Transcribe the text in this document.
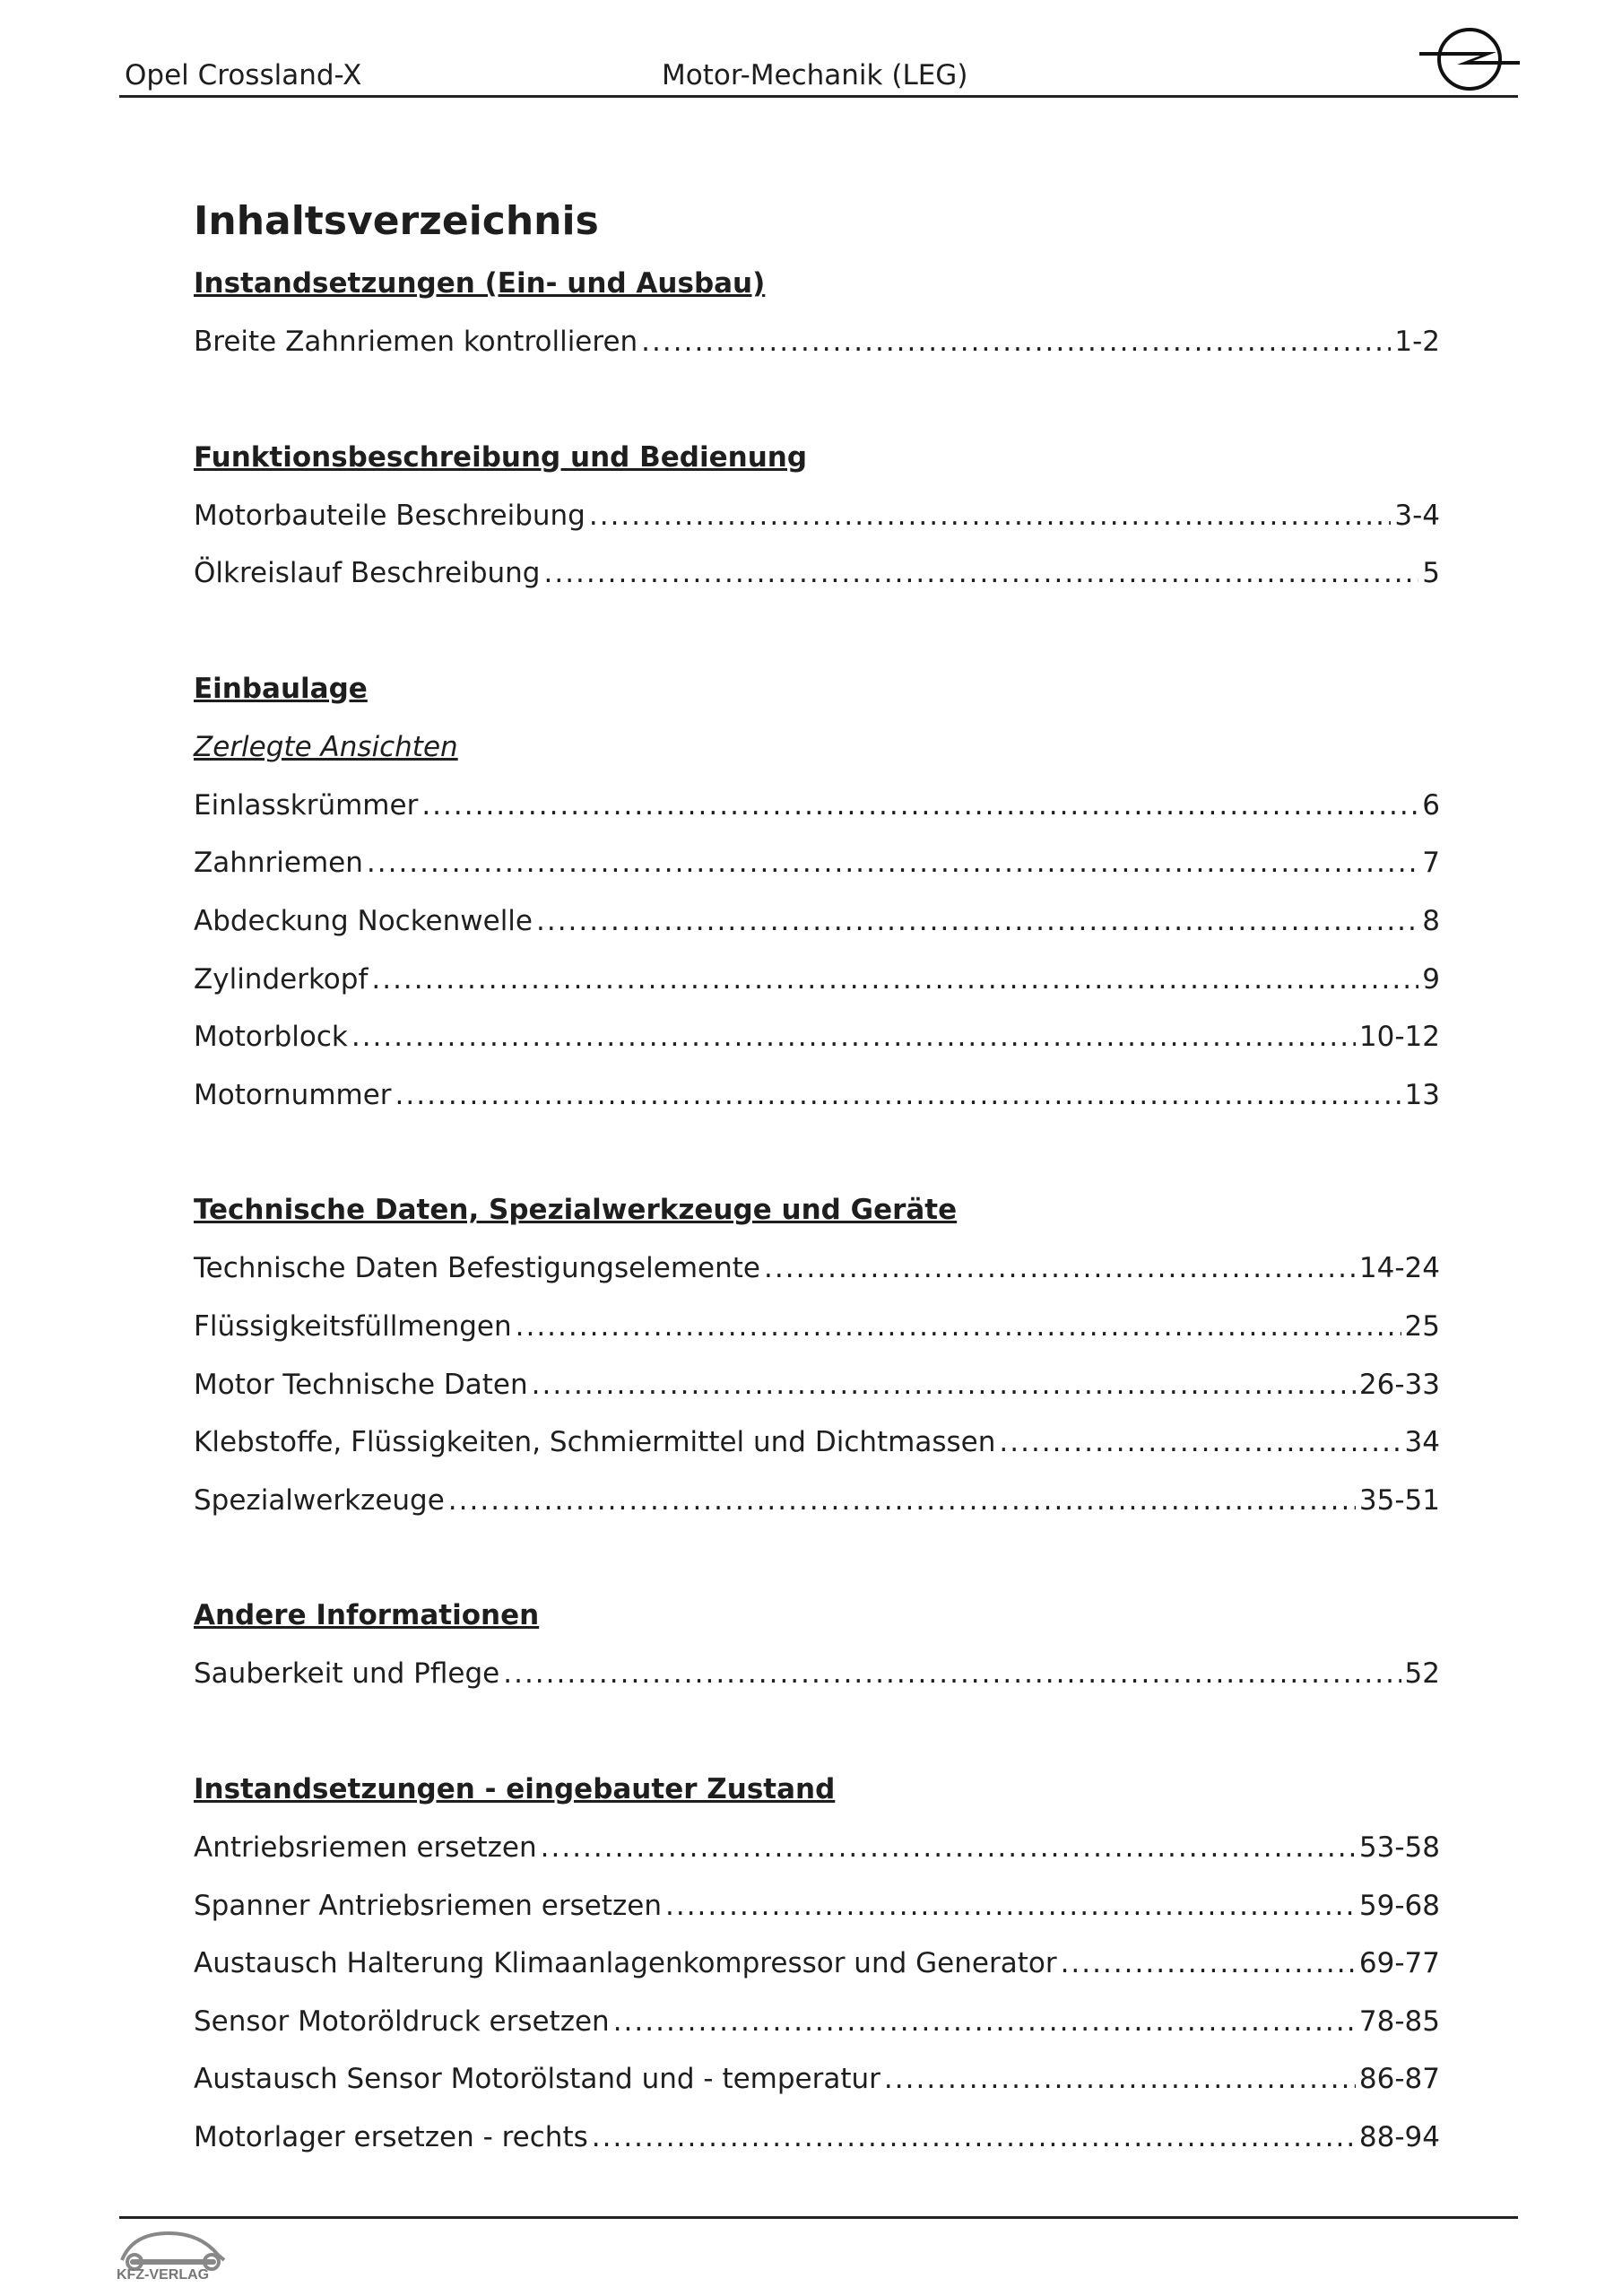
Opel Crossland-X	Motor-Mechanik (LEG)
Inhaltsverzeichnis
Instandsetzungen (Ein- und Ausbau)
Breite Zahnriemen kontrollieren .....	1-2
Funktionsbeschreibung und Bedienung
Motorbauteile Beschreibung .....	3-4
Ölkreislauf Beschreibung .....	5
Einbaulage
Zerlegte Ansichten
Einlasskrümmer .....	6
Zahnriemen .....	7
Abdeckung Nockenwelle .....	8
Zylinderkopf .....	9
Motorblock .....	10-12
Motornummer .....	13
Technische Daten, Spezialwerkzeuge und Geräte
Technische Daten Befestigungselemente .....	14-24
Flüssigkeitsfüllmengen .....	25
Motor Technische Daten .....	26-33
Klebstoffe, Flüssigkeiten, Schmiermittel und Dichtmassen .....	34
Spezialwerkzeuge .....	35-51
Andere Informationen
Sauberkeit und Pflege .....	52
Instandsetzungen - eingebauter Zustand
Antriebsriemen ersetzen .....	53-58
Spanner Antriebsriemen ersetzen .....	59-68
Austausch Halterung Klimaanlagenkompressor und Generator .....	69-77
Sensor Motoröldruck ersetzen .....	78-85
Austausch Sensor Motorölstand und - temperatur .....	86-87
Motorlager ersetzen - rechts .....	88-94
KFZ-VERLAG
